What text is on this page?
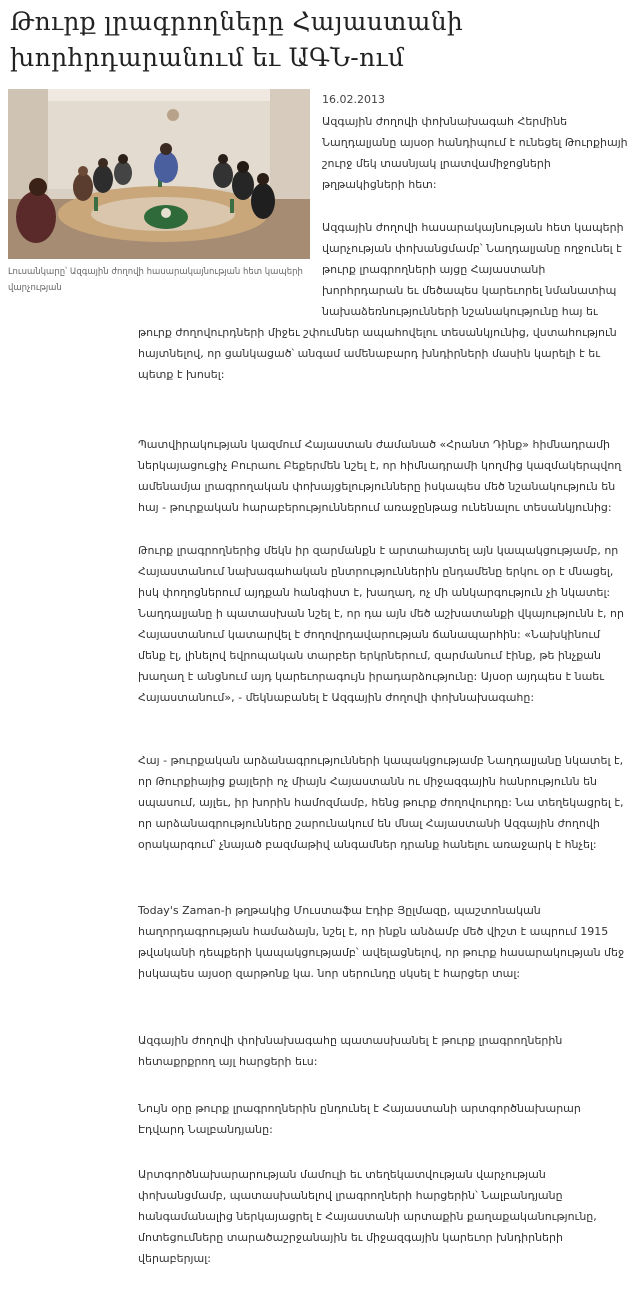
Թուրք լրագրողները Հայաստանի խորհրդարանում եւ ԱԳՆ-ում
Լուսանկարը՝ Ազգային ժողովի հասարակայնության հետ կապերի վարչության
16.02.2013

Ազգային ժողովի փոխնախագահ Հերմինե Նաղդալյանը այսօր հանդիպում է ունեցել Թուրքիայի շուրջ մեկ տասնյակ լրատվամիջոցների թղթակիցների հետ:

Ազգային ժողովի հասարակայնության հետ կապերի վարչության փոխանցմամբ՝ Նաղդալյանը ողջունել է թուրք լրագրողների այցը Հայաստանի խորհրդարան եւ մեծապես կարեւորել նմանատիպ նախաձեռնությունների նշանակությունը հայ եւ

թուրք ժողովուրդների միջեւ շփումներ ապահովելու տեսանկյունից, վստահություն հայտնելով, որ ցանկացած՝ անգամ ամենաբարդ խնդիրների մասին կարելի է եւ պետք է խոսել:

Պատվիրակության կազմում Հայաստան ժամանած «Հրանտ Դինք» հիմնադրամի ներկայացուցիչ Բուրաու Բեքերմեն նշել է, որ հիմնադրամի կողմից կազմակերպվող ամենամյա լրագրողական փոխայցելությունները իսկապես մեծ նշանակություն են հայ - թուրքական հարաբերություններում առաջընթաց ունենալու տեսանկյունից:

Թուրք լրագրողներից մեկն իր զարմանքն է արտահայտել այն կապակցությամբ, որ Հայաստանում նախագահական ընտրություններին ընդամենը երկու օր է մնացել, իսկ փողոցներում այդքան հանգիստ է, խաղաղ, ոչ մի անկարգություն չի նկատել: Նաղդալյանը ի պատասխան նշել է, որ դա այն մեծ աշխատանքի վկայությունն է, որ Հայաստանում կատարվել է ժողովրդավարության ճանապարհին: «Նախկինում մենք էլ, լինելով եվրոպական տարբեր երկրներում, զարմանում էինք, թե ինչքան խաղաղ է անցնում այդ կարեւորագույն իրադարձությունը: Այսօր այդպես է նաեւ Հայաստանում», - մեկնաբանել է Ազգային ժողովի փոխնախագահը:

Հայ - թուրքական արձանագրությունների կապակցությամբ Նաղդալյանը նկատել է, որ Թուրքիայից քայլերի ոչ միայն Հայաստանն ու միջազգային հանրությունն են սպասում, այլեւ, իր խորին համոզմամբ, հենց թուրք ժողովուրդը: Նա տեղեկացրել է, որ արձանագրությունները շարունակում են մնալ Հայաստանի Ազգային ժողովի օրակարգում՝ չնայած բազմաթիվ անգամներ դրանք հանելու առաջարկ է հնչել:

Today's Zaman-ի թղթակից Մուստաֆա Էդիբ Յըլմազը, պաշտոնական հաղորդագրության համաձայն, նշել է, որ ինքն անձամբ մեծ վիշտ է ապրում 1915 թվականի դեպքերի կապակցությամբ՝ ավելացնելով, որ թուրք հասարակության մեջ իսկապես այսօր զարթոնք կա. նոր սերունդը սկսել է հարցեր տալ:

Ազգային ժողովի փոխնախագահը պատասխանել է թուրք լրագրողներին հետաքրքրող այլ հարցերի եւս:

Նույն օրը թուրք լրագրողներին ընդունել է Հայաստանի արտգործնախարար Էդվարդ Նալբանդյանը:

Արտգործնախարարության մամուլի եւ տեղեկատվության վարչության փոխանցմամբ, պատասխանելով լրագրողների հարցերին՝ Նալբանդյանը հանգամանալից ներկայացրել է Հայաստանի արտաքին քաղաքականությունը, մոտեցումները տարածաշրջանային եւ միջազգային կարեւոր խնդիրների վերաբերյալ:
